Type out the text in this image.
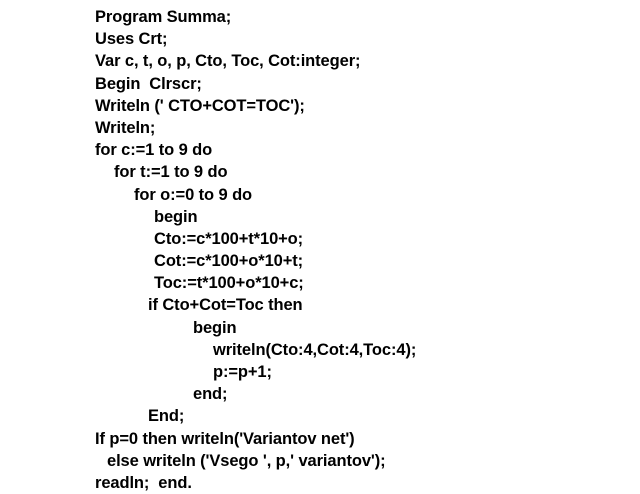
Program Summa;
Uses Crt;
Var c, t, o, p, Cto, Toc, Cot:integer;
Begin  Clrscr;
Writeln (' CTO+COT=TOC');
Writeln;
for c:=1 to 9 do
for t:=1 to 9 do
for o:=0 to 9 do
begin
Cto:=c*100+t*10+o;
Cot:=c*100+o*10+t;
Toc:=t*100+o*10+c;
if Cto+Cot=Toc then
begin
writeln(Cto:4,Cot:4,Toc:4);
p:=p+1;
end;
End;
If p=0 then writeln('Variantov net')
else writeln ('Vsego ', p,' variantov');
readln;  end.
